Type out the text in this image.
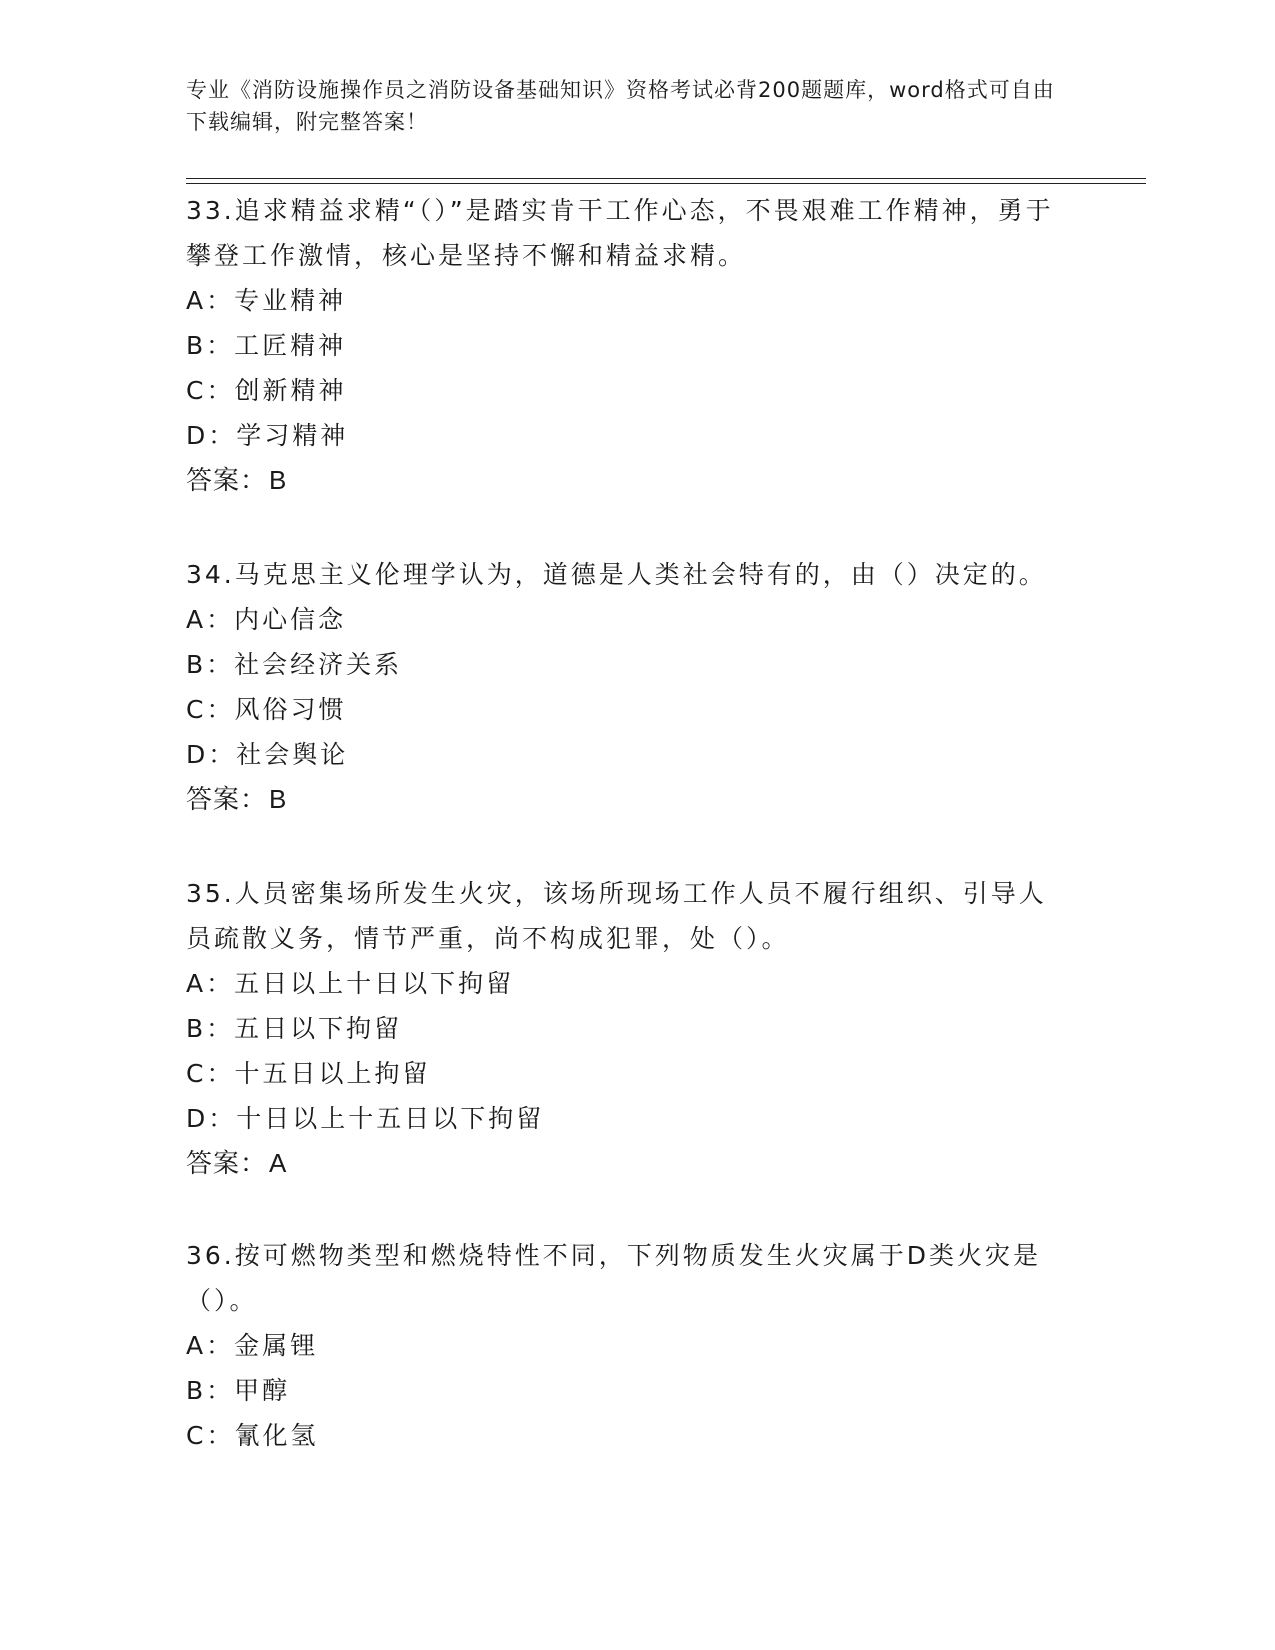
专业《消防设施操作员之消防设备基础知识》资格考试必背200题题库，word格式可自由下载编辑，附完整答案！
33.追求精益求精“（）”是踏实肯干工作心态，不畏艰难工作精神，勇于攀登工作激情，核心是坚持不懈和精益求精。
A：专业精神
B：工匠精神
C：创新精神
D：学习精神
答案：B
34.马克思主义伦理学认为，道德是人类社会特有的，由（）决定的。
A：内心信念
B：社会经济关系
C：风俗习惯
D：社会舆论
答案：B
35.人员密集场所发生火灾，该场所现场工作人员不履行组织、引导人员疏散义务，情节严重，尚不构成犯罪，处（）。
A：五日以上十日以下拘留
B：五日以下拘留
C：十五日以上拘留
D：十日以上十五日以下拘留
答案：A
36.按可燃物类型和燃烧特性不同，下列物质发生火灾属于D类火灾是（）。
A：金属锂
B：甲醇
C：氰化氢
